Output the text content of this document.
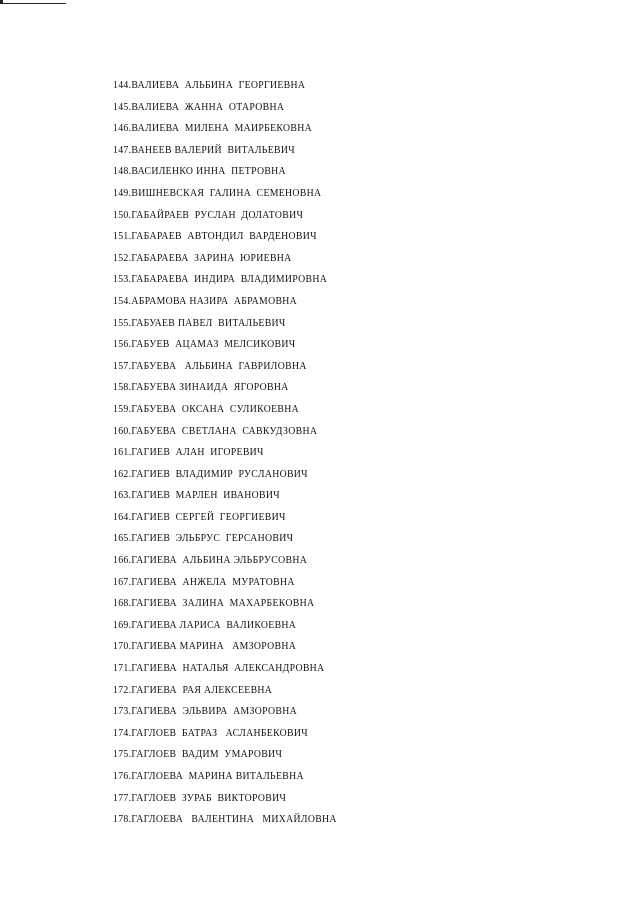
144.ВАЛИЕВА  АЛЬБИНА  ГЕОРГИЕВНА
145.ВАЛИЕВА  ЖАННА  ОТАРОВНА
146.ВАЛИЕВА  МИЛЕНА  МАИРБЕКОВНА
147.ВАНЕЕВ ВАЛЕРИЙ  ВИТАЛЬЕВИЧ
148.ВАСИЛЕНКО ИННА  ПЕТРОВНА
149.ВИШНЕВСКАЯ  ГАЛИНА  СЕМЕНОВНА
150.ГАБАЙРАЕВ  РУСЛАН  ДОЛАТОВИЧ
151.ГАБАРАЕВ  АВТОНДИЛ  ВАРДЕНОВИЧ
152.ГАБАРАЕВА  ЗАРИНА  ЮРИЕВНА
153.ГАБАРАЕВА  ИНДИРА  ВЛАДИМИРОВНА
154.АБРАМОВА НАЗИРА  АБРАМОВНА
155.ГАБУАЕВ ПАВЕЛ  ВИТАЛЬЕВИЧ
156.ГАБУЕВ  АЦАМАЗ  МЕЛСИКОВИЧ
157.ГАБУЕВА   АЛЬБИНА  ГАВРИЛОВНА
158.ГАБУЕВА ЗИНАИДА  ЯГОРОВНА
159.ГАБУЕВА  ОКСАНА  СУЛИКОЕВНА
160.ГАБУЕВА  СВЕТЛАНА  САВКУДЗОВНА
161.ГАГИЕВ  АЛАН  ИГОРЕВИЧ
162.ГАГИЕВ  ВЛАДИМИР  РУСЛАНОВИЧ
163.ГАГИЕВ  МАРЛЕН  ИВАНОВИЧ
164.ГАГИЕВ  СЕРГЕЙ  ГЕОРГИЕВИЧ
165.ГАГИЕВ  ЭЛЬБРУС  ГЕРСАНОВИЧ
166.ГАГИЕВА  АЛЬБИНА ЭЛЬБРУСОВНА
167.ГАГИЕВА  АНЖЕЛА  МУРАТОВНА
168.ГАГИЕВА  ЗАЛИНА  МАХАРБЕКОВНА
169.ГАГИЕВА ЛАРИСА  ВАЛИКОЕВНА
170.ГАГИЕВА МАРИНА   АМЗОРОВНА
171.ГАГИЕВА  НАТАЛЬЯ  АЛЕКСАНДРОВНА
172.ГАГИЕВА  РАЯ АЛЕКСЕЕВНА
173.ГАГИЕВА  ЭЛЬВИРА  АМЗОРОВНА
174.ГАГЛОЕВ  БАТРАЗ   АСЛАНБЕКОВИЧ
175.ГАГЛОЕВ  ВАДИМ  УМАРОВИЧ
176.ГАГЛОЕВА  МАРИНА ВИТАЛЬЕВНА
177.ГАГЛОЕВ  ЗУРАБ  ВИКТОРОВИЧ
178.ГАГЛОЕВА   ВАЛЕНТИНА   МИХАЙЛОВНА
